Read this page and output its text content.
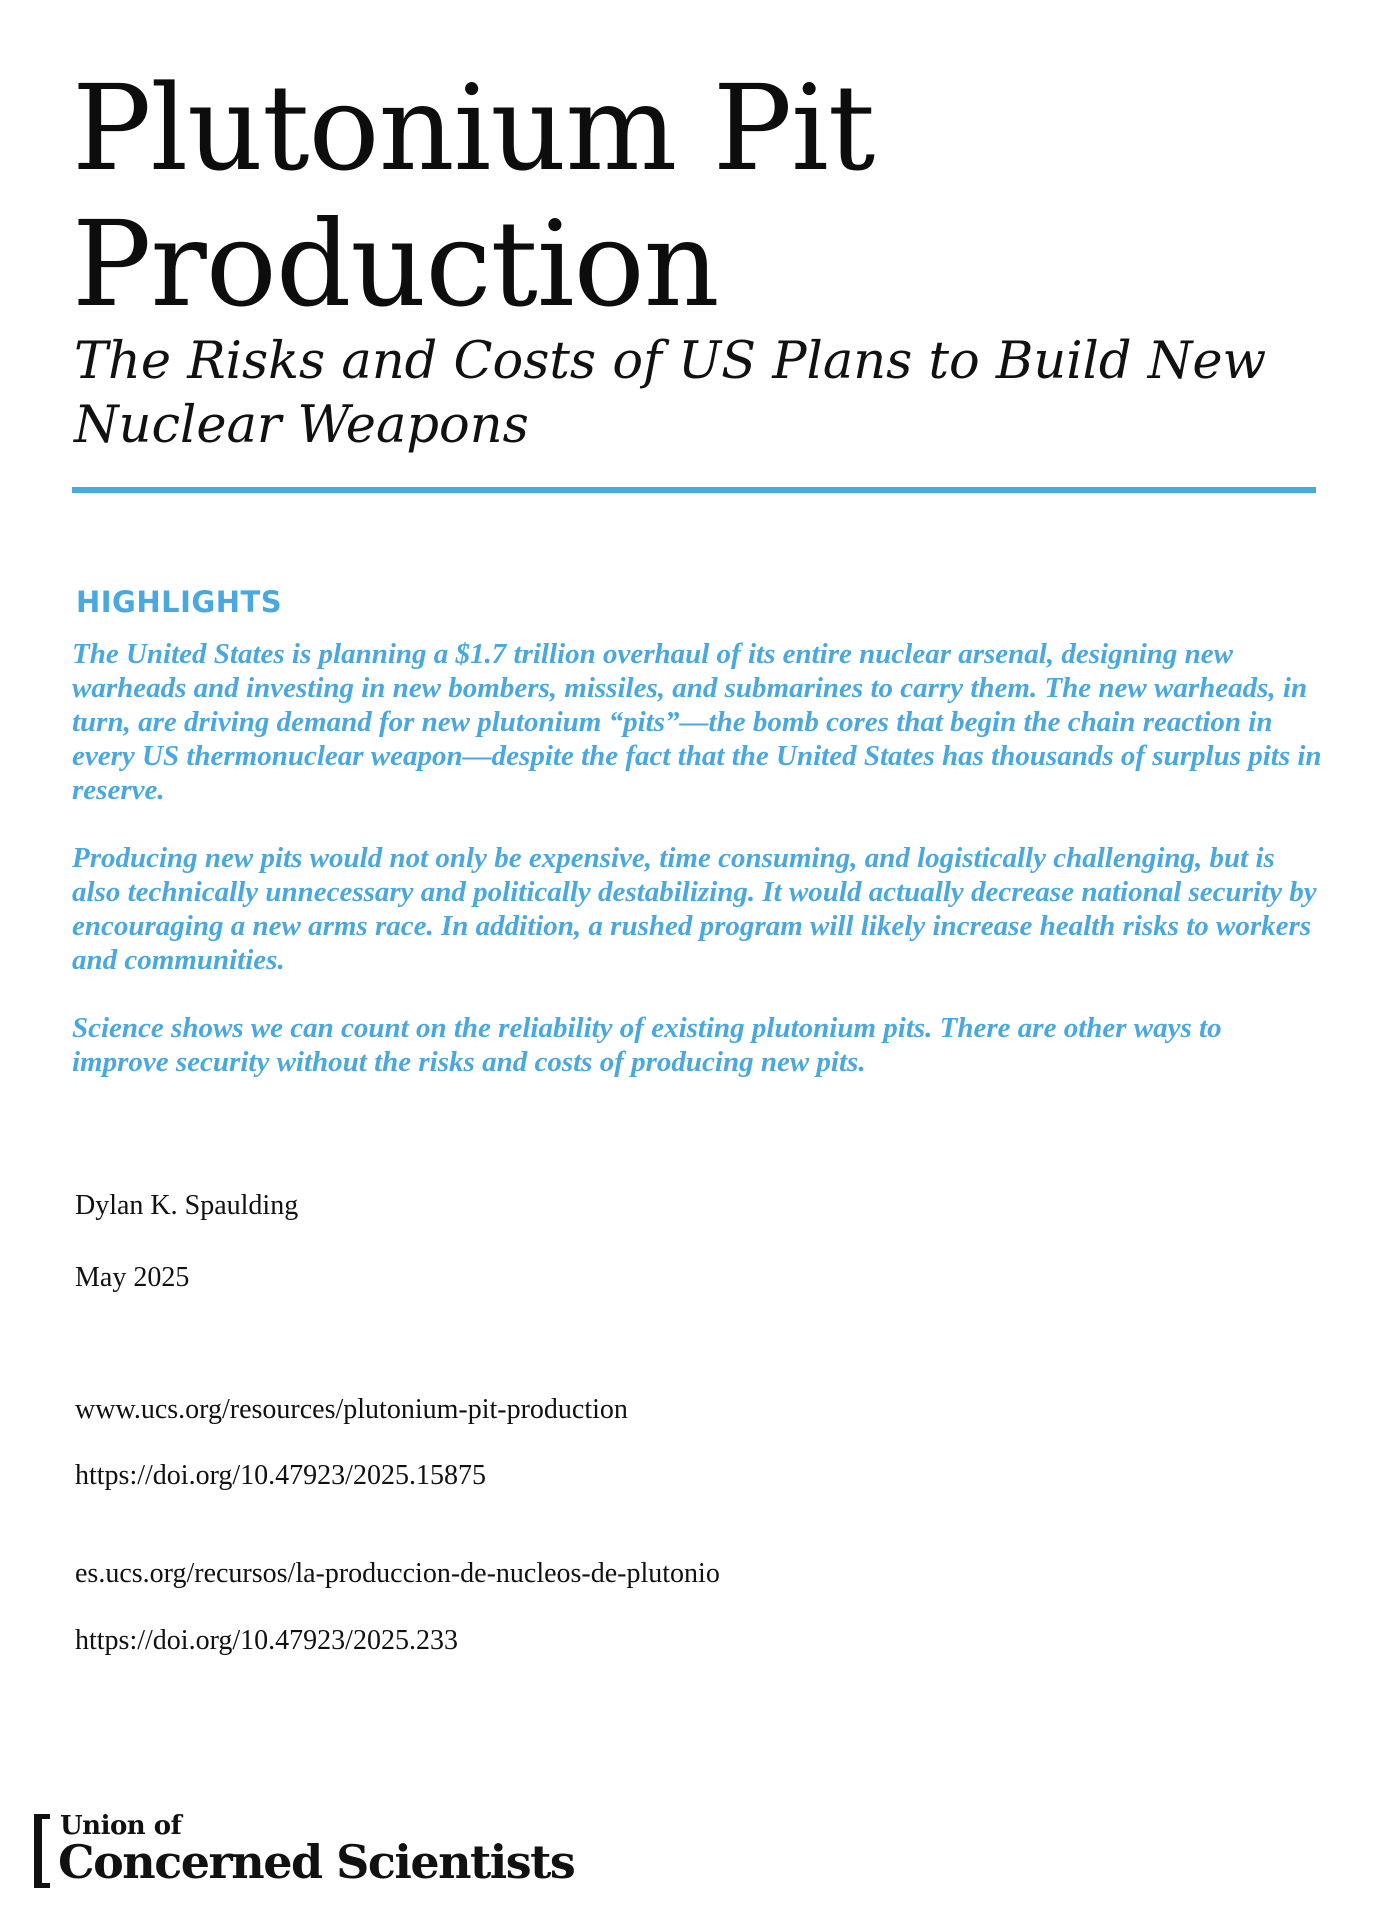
Plutonium Pit
Production
The Risks and Costs of US Plans to Build New
Nuclear Weapons
HIGHLIGHTS

The United States is planning a $1.7 trillion overhaul of its entire nuclear arsenal, designing new warheads and investing in new bombers, missiles, and submarines to carry them. The new warheads, in turn, are driving demand for new plutonium “pits”—the bomb cores that begin the chain reaction in every US thermonuclear weapon—despite the fact that the United States has thousands of surplus pits in reserve.

Producing new pits would not only be expensive, time consuming, and logistically challenging, but is also technically unnecessary and politically destabilizing. It would actually decrease national security by encouraging a new arms race. In addition, a rushed program will likely increase health risks to workers and communities.

Science shows we can count on the reliability of existing plutonium pits. There are other ways to improve security without the risks and costs of producing new pits.

Dylan K. Spaulding

May 2025

www.ucs.org/resources/plutonium-pit-production

https://doi.org/10.47923/2025.15875

es.ucs.org/recursos/la-produccion-de-nucleos-de-plutonio

https://doi.org/10.47923/2025.233

Union of

Concerned Scientists
